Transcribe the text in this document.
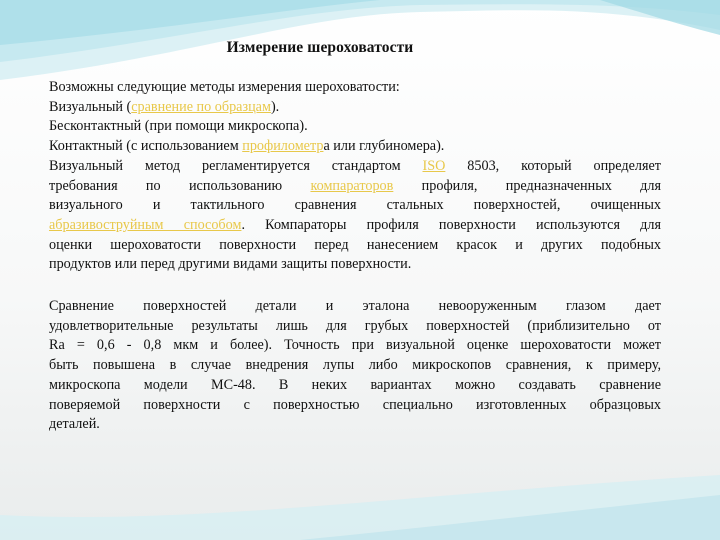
Измерение шероховатости
Возможны следующие методы измерения шероховатости:
Визуальный (сравнение по образцам).
Бесконтактный (при помощи микроскопа).
Контактный (с использованием профилометра или глубиномера).
Визуальный метод регламентируется стандартом ISO 8503, который определяет
требования по использованию компараторов профиля, предназначенных для
визуального и тактильного сравнения стальных поверхностей, очищенных
абразивоструйным способом. Компараторы профиля поверхности используются для
оценки шероховатости поверхности перед нанесением красок и других подобных
продуктов или перед другими видами защиты поверхности.
Сравнение поверхностей детали и эталона невооруженным глазом дает
удовлетворительные результаты лишь для грубых поверхностей (приблизительно от
Ra = 0,6 - 0,8 мкм и более). Точность при визуальной оценке шероховатости может
быть повышена в случае внедрения лупы либо микроскопов сравнения, к примеру,
микроскопа модели МС-48. В неких вариантах можно создавать сравнение
поверяемой поверхности с поверхностью специально изготовленных образцовых
деталей.
